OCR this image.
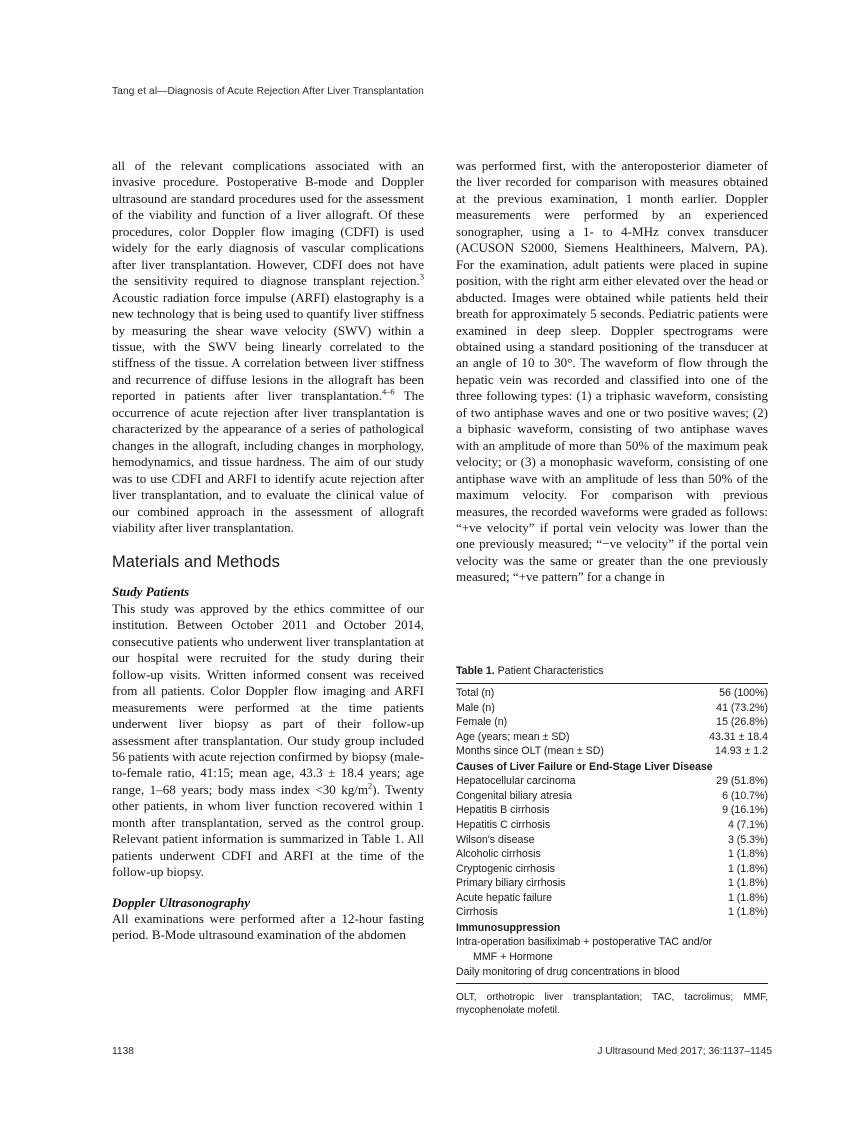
Tang et al—Diagnosis of Acute Rejection After Liver Transplantation

all of the relevant complications associated with an invasive procedure. Postoperative B-mode and Doppler ultrasound are standard procedures used for the assessment of the viability and function of a liver allograft. Of these procedures, color Doppler flow imaging (CDFI) is used widely for the early diagnosis of vascular complications after liver transplantation. However, CDFI does not have the sensitivity required to diagnose transplant rejection.$^3$ Acoustic radiation force impulse (ARFI) elastography is a new technology that is being used to quantify liver stiffness by measuring the shear wave velocity (SWV) within a tissue, with the SWV being linearly correlated to the stiffness of the tissue. A correlation between liver stiffness and recurrence of diffuse lesions in the allograft has been reported in patients after liver transplantation.$^{4-6}$ The occurrence of acute rejection after liver transplantation is characterized by the appearance of a series of pathological changes in the allograft, including changes in morphology, hemodynamics, and tissue hardness. The aim of our study was to use CDFI and ARFI to identify acute rejection after liver transplantation, and to evaluate the clinical value of our combined approach in the assessment of allograft viability after liver transplantation.

Materials and Methods
Study Patients

This study was approved by the ethics committee of our institution. Between October 2011 and October 2014, consecutive patients who underwent liver transplantation at our hospital were recruited for the study during their follow-up visits. Written informed consent was received from all patients. Color Doppler flow imaging and ARFI measurements were performed at the time patients underwent liver biopsy as part of their follow-up assessment after transplantation. Our study group included 56 patients with acute rejection confirmed by biopsy (male-to-female ratio, 41:15; mean age, 43.3 ± 18.4 years; age range, 1–68 years; body mass index <30 $kg/m^2$). Twenty other patients, in whom liver function recovered within 1 month after transplantation, served as the control group. Relevant patient information is summarized in Table 1. All patients underwent CDFI and ARFI at the time of the follow-up biopsy.

Doppler Ultrasonography

All examinations were performed after a 12-hour fasting period. B-Mode ultrasound examination of the abdomen

was performed first, with the anteroposterior diameter of the liver recorded for comparison with measures obtained at the previous examination, 1 month earlier. Doppler measurements were performed by an experienced sonographer, using a 1- to 4-MHz convex transducer (ACUSON S2000, Siemens Healthineers, Malvern, PA). For the examination, adult patients were placed in supine position, with the right arm either elevated over the head or abducted. Images were obtained while patients held their breath for approximately 5 seconds. Pediatric patients were examined in deep sleep. Doppler spectrograms were obtained using a standard positioning of the transducer at an angle of 10 to 30°. The waveform of flow through the hepatic vein was recorded and classified into one of the three following types: (1) a triphasic waveform, consisting of two antiphase waves and one or two positive waves; (2) a biphasic waveform, consisting of two antiphase waves with an amplitude of more than 50% of the maximum peak velocity; or (3) a monophasic waveform, consisting of one antiphase wave with an amplitude of less than 50% of the maximum velocity. For comparison with previous measures, the recorded waveforms were graded as follows: “+ve velocity” if portal vein velocity was lower than the one previously measured; “−ve velocity” if the portal vein velocity was the same or greater than the one previously measured; “+ve pattern” for a change in

Table 1. Patient Characteristics
Total (n)	56 (100%)
Male (n)	41 (73.2%)
Female (n)	15 (26.8%)
Age (years; mean ± SD)	43.31 ± 18.4
Months since OLT (mean ± SD)	14.93 ± 1.2
Causes of Liver Failure or End-Stage Liver Disease	
Hepatocellular carcinoma	29 (51.8%)
Congenital biliary atresia	6 (10.7%)
Hepatitis B cirrhosis	9 (16.1%)
Hepatitis C cirrhosis	4 (7.1%)
Wilson's disease	3 (5.3%)
Alcoholic cirrhosis	1 (1.8%)
Cryptogenic cirrhosis	1 (1.8%)
Primary biliary cirrhosis	1 (1.8%)
Acute hepatic failure	1 (1.8%)
Cirrhosis	1 (1.8%)
Immunosuppression	
Intra-operation basiliximab + postoperative TAC and/or	
MMF + Hormone	
Daily monitoring of drug concentrations in blood	
OLT, orthotropic liver transplantation; TAC, tacrolimus; MMF, mycophenolate mofetil.
1138	J Ultrasound Med 2017; 36:1137–1145
